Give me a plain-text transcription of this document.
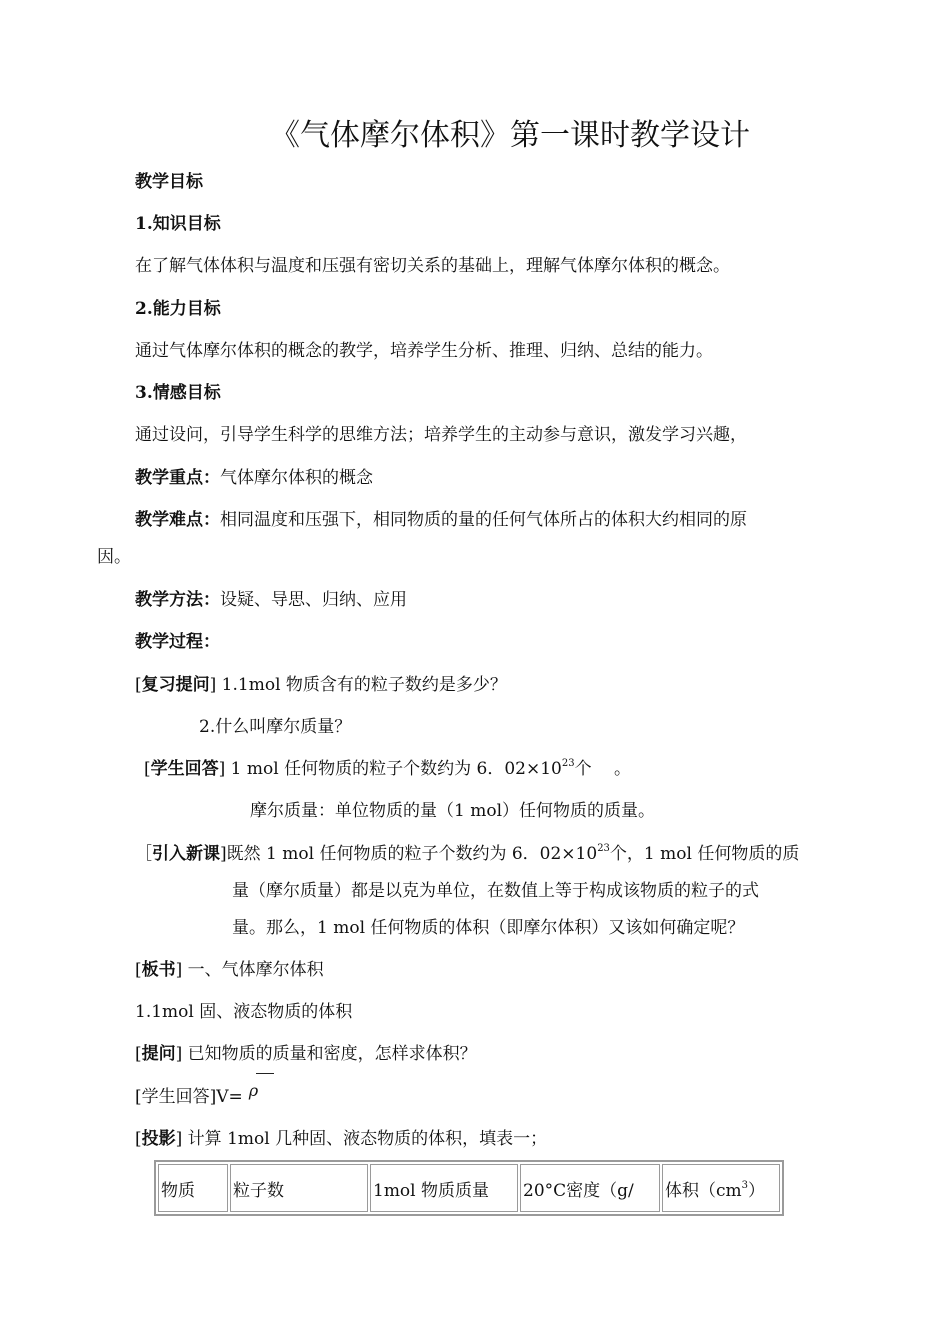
《气体摩尔体积》第一课时教学设计
教学目标
1.知识目标
在了解气体体积与温度和压强有密切关系的基础上，理解气体摩尔体积的概念。
2.能力目标
通过气体摩尔体积的概念的教学，培养学生分析、推理、归纳、总结的能力。
3.情感目标
通过设问，引导学生科学的思维方法；培养学生的主动参与意识，激发学习兴趣，
教学重点：气体摩尔体积的概念
教学难点：相同温度和压强下，相同物质的量的任何气体所占的体积大约相同的原
因。
教学方法：设疑、导思、归纳、应用
教学过程：
[复习提问] 1.1mol 物质含有的粒子数约是多少？
2.什么叫摩尔质量？
[学生回答] 1 mol 任何物质的粒子个数约为 6．$02\times 10^{23}$个　 。
摩尔质量：单位物质的量（1 mol）任何物质的质量。
［引入新课]既然 1 mol 任何物质的粒子个数约为 6．$02\times 10^{23}$个，1 mol 任何物质的质
量（摩尔质量）都是以克为单位，在数值上等于构成该物质的粒子的式
量。那么，1 mol 任何物质的体积（即摩尔体积）又该如何确定呢？
[板书] 一、气体摩尔体积
1.1mol 固、液态物质的体积
[提问] 已知物质的质量和密度，怎样求体积？
[学生回答]V= ρ
[投影] 计算 1mol 几种固、液态物质的体积，填表一；
物质	粒子数	1mol 物质质量	20°C密度（g/	体积$(cm^3)$
